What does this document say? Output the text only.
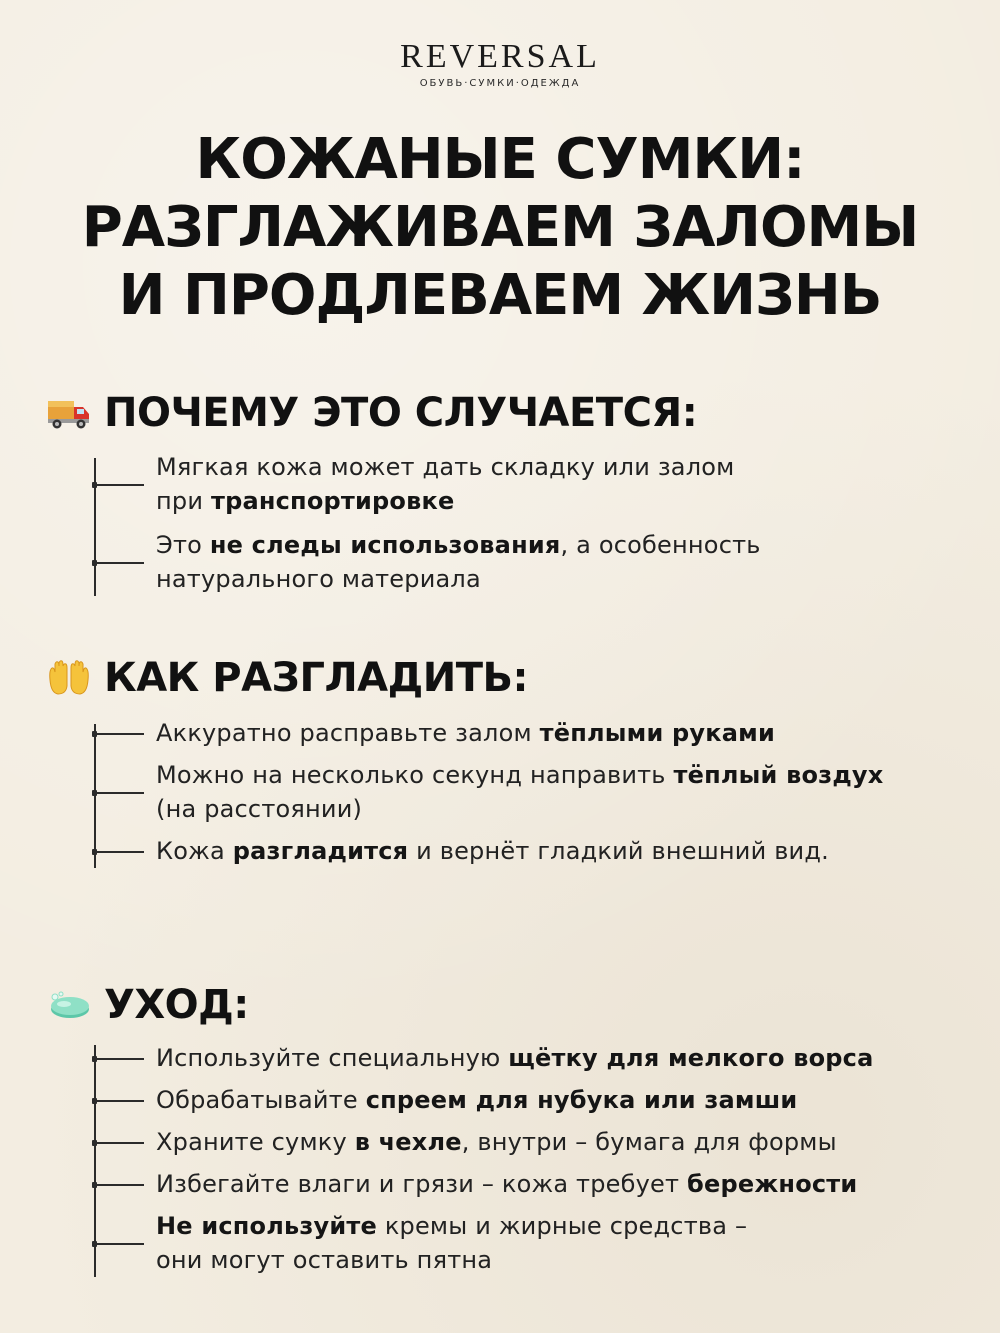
REVERSAL
ОБУВЬ·СУМКИ·ОДЕЖДА
КОЖАНЫЕ СУМКИ:
РАЗГЛАЖИВАЕМ ЗАЛОМЫ
И ПРОДЛЕВАЕМ ЖИЗНЬ
ПОЧЕМУ ЭТО СЛУЧАЕТСЯ:
Мягкая кожа может дать складку или залом
при транспортировке
Это не следы использования, а особенность
натурального материала
КАК РАЗГЛАДИТЬ:
Аккуратно расправьте залом тёплыми руками
Можно на несколько секунд направить тёплый воздух
(на расстоянии)
Кожа разгладится и вернёт гладкий внешний вид.
УХОД:
Используйте специальную щётку для мелкого ворса
Обрабатывайте спреем для нубука или замши
Храните сумку в чехле, внутри – бумага для формы
Избегайте влаги и грязи – кожа требует бережности
Не используйте кремы и жирные средства –
они могут оставить пятна
